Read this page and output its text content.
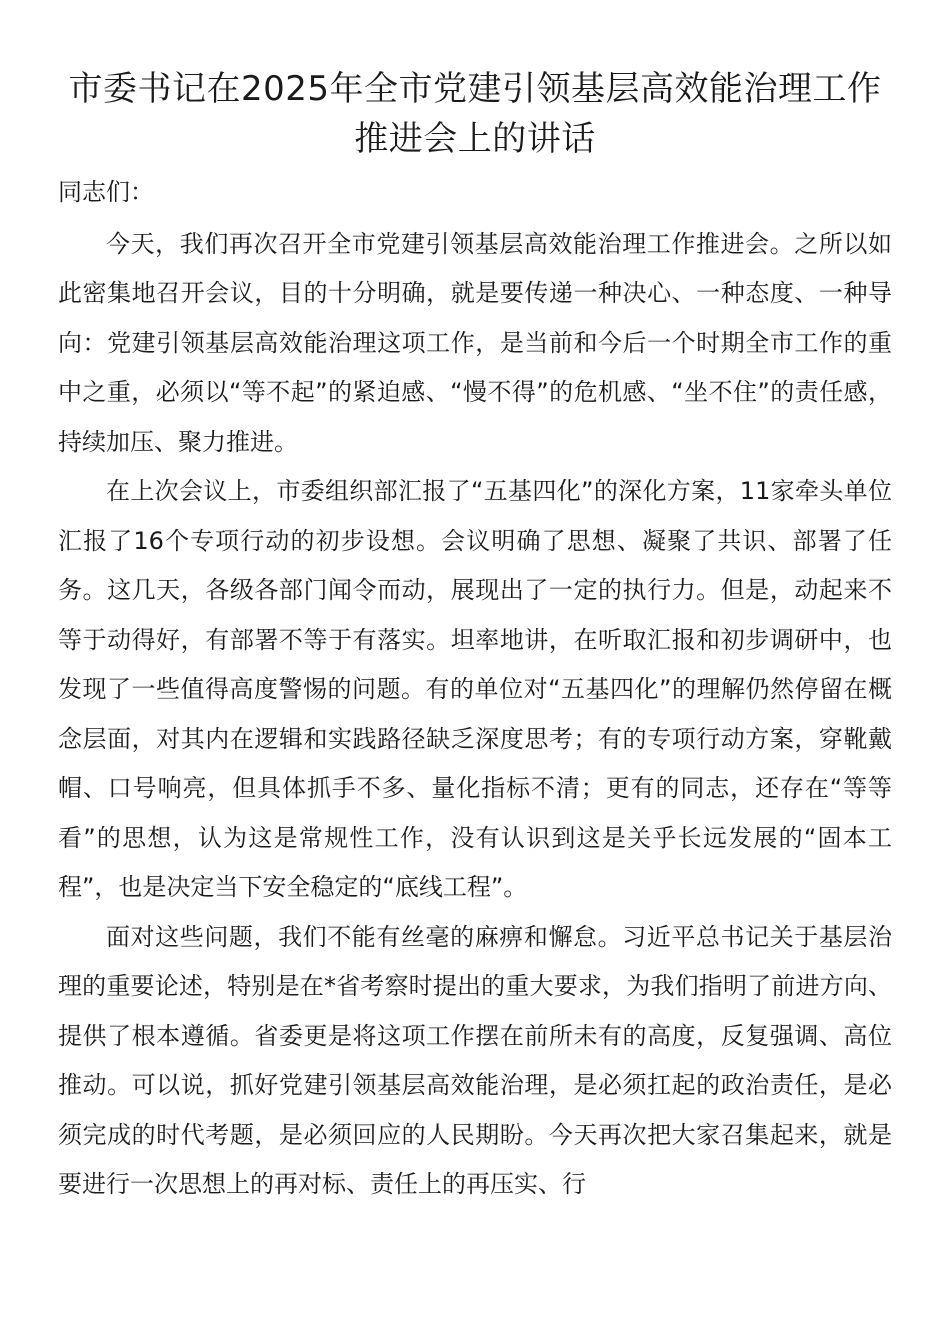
市委书记在2025年全市党建引领基层高效能治理工作推进会上的讲话

同志们：

今天，我们再次召开全市党建引领基层高效能治理工作推进会。之所以如此密集地召开会议，目的十分明确，就是要传递一种决心、一种态度、一种导向：党建引领基层高效能治理这项工作，是当前和今后一个时期全市工作的重中之重，必须以“等不起”的紧迫感、“慢不得”的危机感、“坐不住”的责任感，持续加压、聚力推进。

在上次会议上，市委组织部汇报了“五基四化”的深化方案，11家牵头单位汇报了16个专项行动的初步设想。会议明确了思想、凝聚了共识、部署了任务。这几天，各级各部门闻令而动，展现出了一定的执行力。但是，动起来不等于动得好，有部署不等于有落实。坦率地讲，在听取汇报和初步调研中，也发现了一些值得高度警惕的问题。有的单位对“五基四化”的理解仍然停留在概念层面，对其内在逻辑和实践路径缺乏深度思考；有的专项行动方案，穿靴戴帽、口号响亮，但具体抓手不多、量化指标不清；更有的同志，还存在“等等看”的思想，认为这是常规性工作，没有认识到这是关乎长远发展的“固本工程”，也是决定当下安全稳定的“底线工程”。

面对这些问题，我们不能有丝毫的麻痹和懈怠。习近平总书记关于基层治理的重要论述，特别是在*省考察时提出的重大要求，为我们指明了前进方向、提供了根本遵循。省委更是将这项工作摆在前所未有的高度，反复强调、高位推动。可以说，抓好党建引领基层高效能治理，是必须扛起的政治责任，是必须完成的时代考题，是必须回应的人民期盼。今天再次把大家召集起来，就是要进行一次思想上的再对标、责任上的再压实、行
